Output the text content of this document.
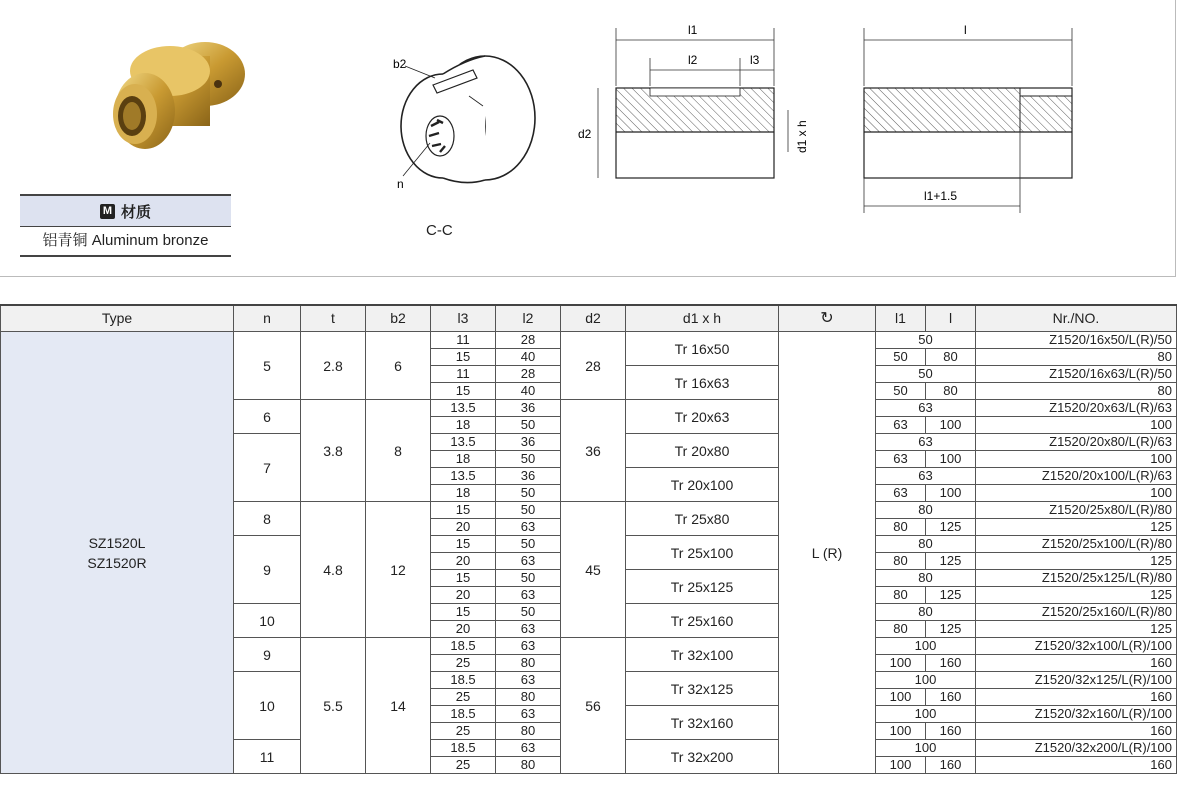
M 材质
铝青铜 Aluminum bronze
b2
n
C-C
l1
l2	l3
d2	d1 x h
l
l1+1.5
Type	n	t	b2	l3	l2	d2	d1 x h	↻	l1	l	Nr./NO.

SZ1520L
SZ1520R	5	2.8	6	11	28	28	Tr 16x50	L (R)	50		Z1520/16x50/L(R)/50
				15	40				50	80	80
				11	28		Tr 16x63		50		Z1520/16x63/L(R)/50
				15	40				50	80	80
	6	3.8	8	13.5	36	36	Tr 20x63		63		Z1520/20x63/L(R)/63
				18	50				63	100	100
	7			13.5	36		Tr 20x80		63		Z1520/20x80/L(R)/63
				18	50				63	100	100
				13.5	36		Tr 20x100		63		Z1520/20x100/L(R)/63
				18	50				63	100	100
	8	4.8	12	15	50	45	Tr 25x80		80		Z1520/25x80/L(R)/80
				20	63				80	125	125
	9			15	50		Tr 25x100		80		Z1520/25x100/L(R)/80
				20	63				80	125	125
				15	50		Tr 25x125		80		Z1520/25x125/L(R)/80
				20	63				80	125	125
	10			15	50		Tr 25x160		80		Z1520/25x160/L(R)/80
				20	63				80	125	125
	9	5.5	14	18.5	63	56	Tr 32x100		100		Z1520/32x100/L(R)/100
				25	80				100	160	160
	10			18.5	63		Tr 32x125		100		Z1520/32x125/L(R)/100
				25	80				100	160	160
				18.5	63		Tr 32x160		100		Z1520/32x160/L(R)/100
				25	80				100	160	160
	11			18.5	63		Tr 32x200		100		Z1520/32x200/L(R)/100
				25	80				100	160	160
